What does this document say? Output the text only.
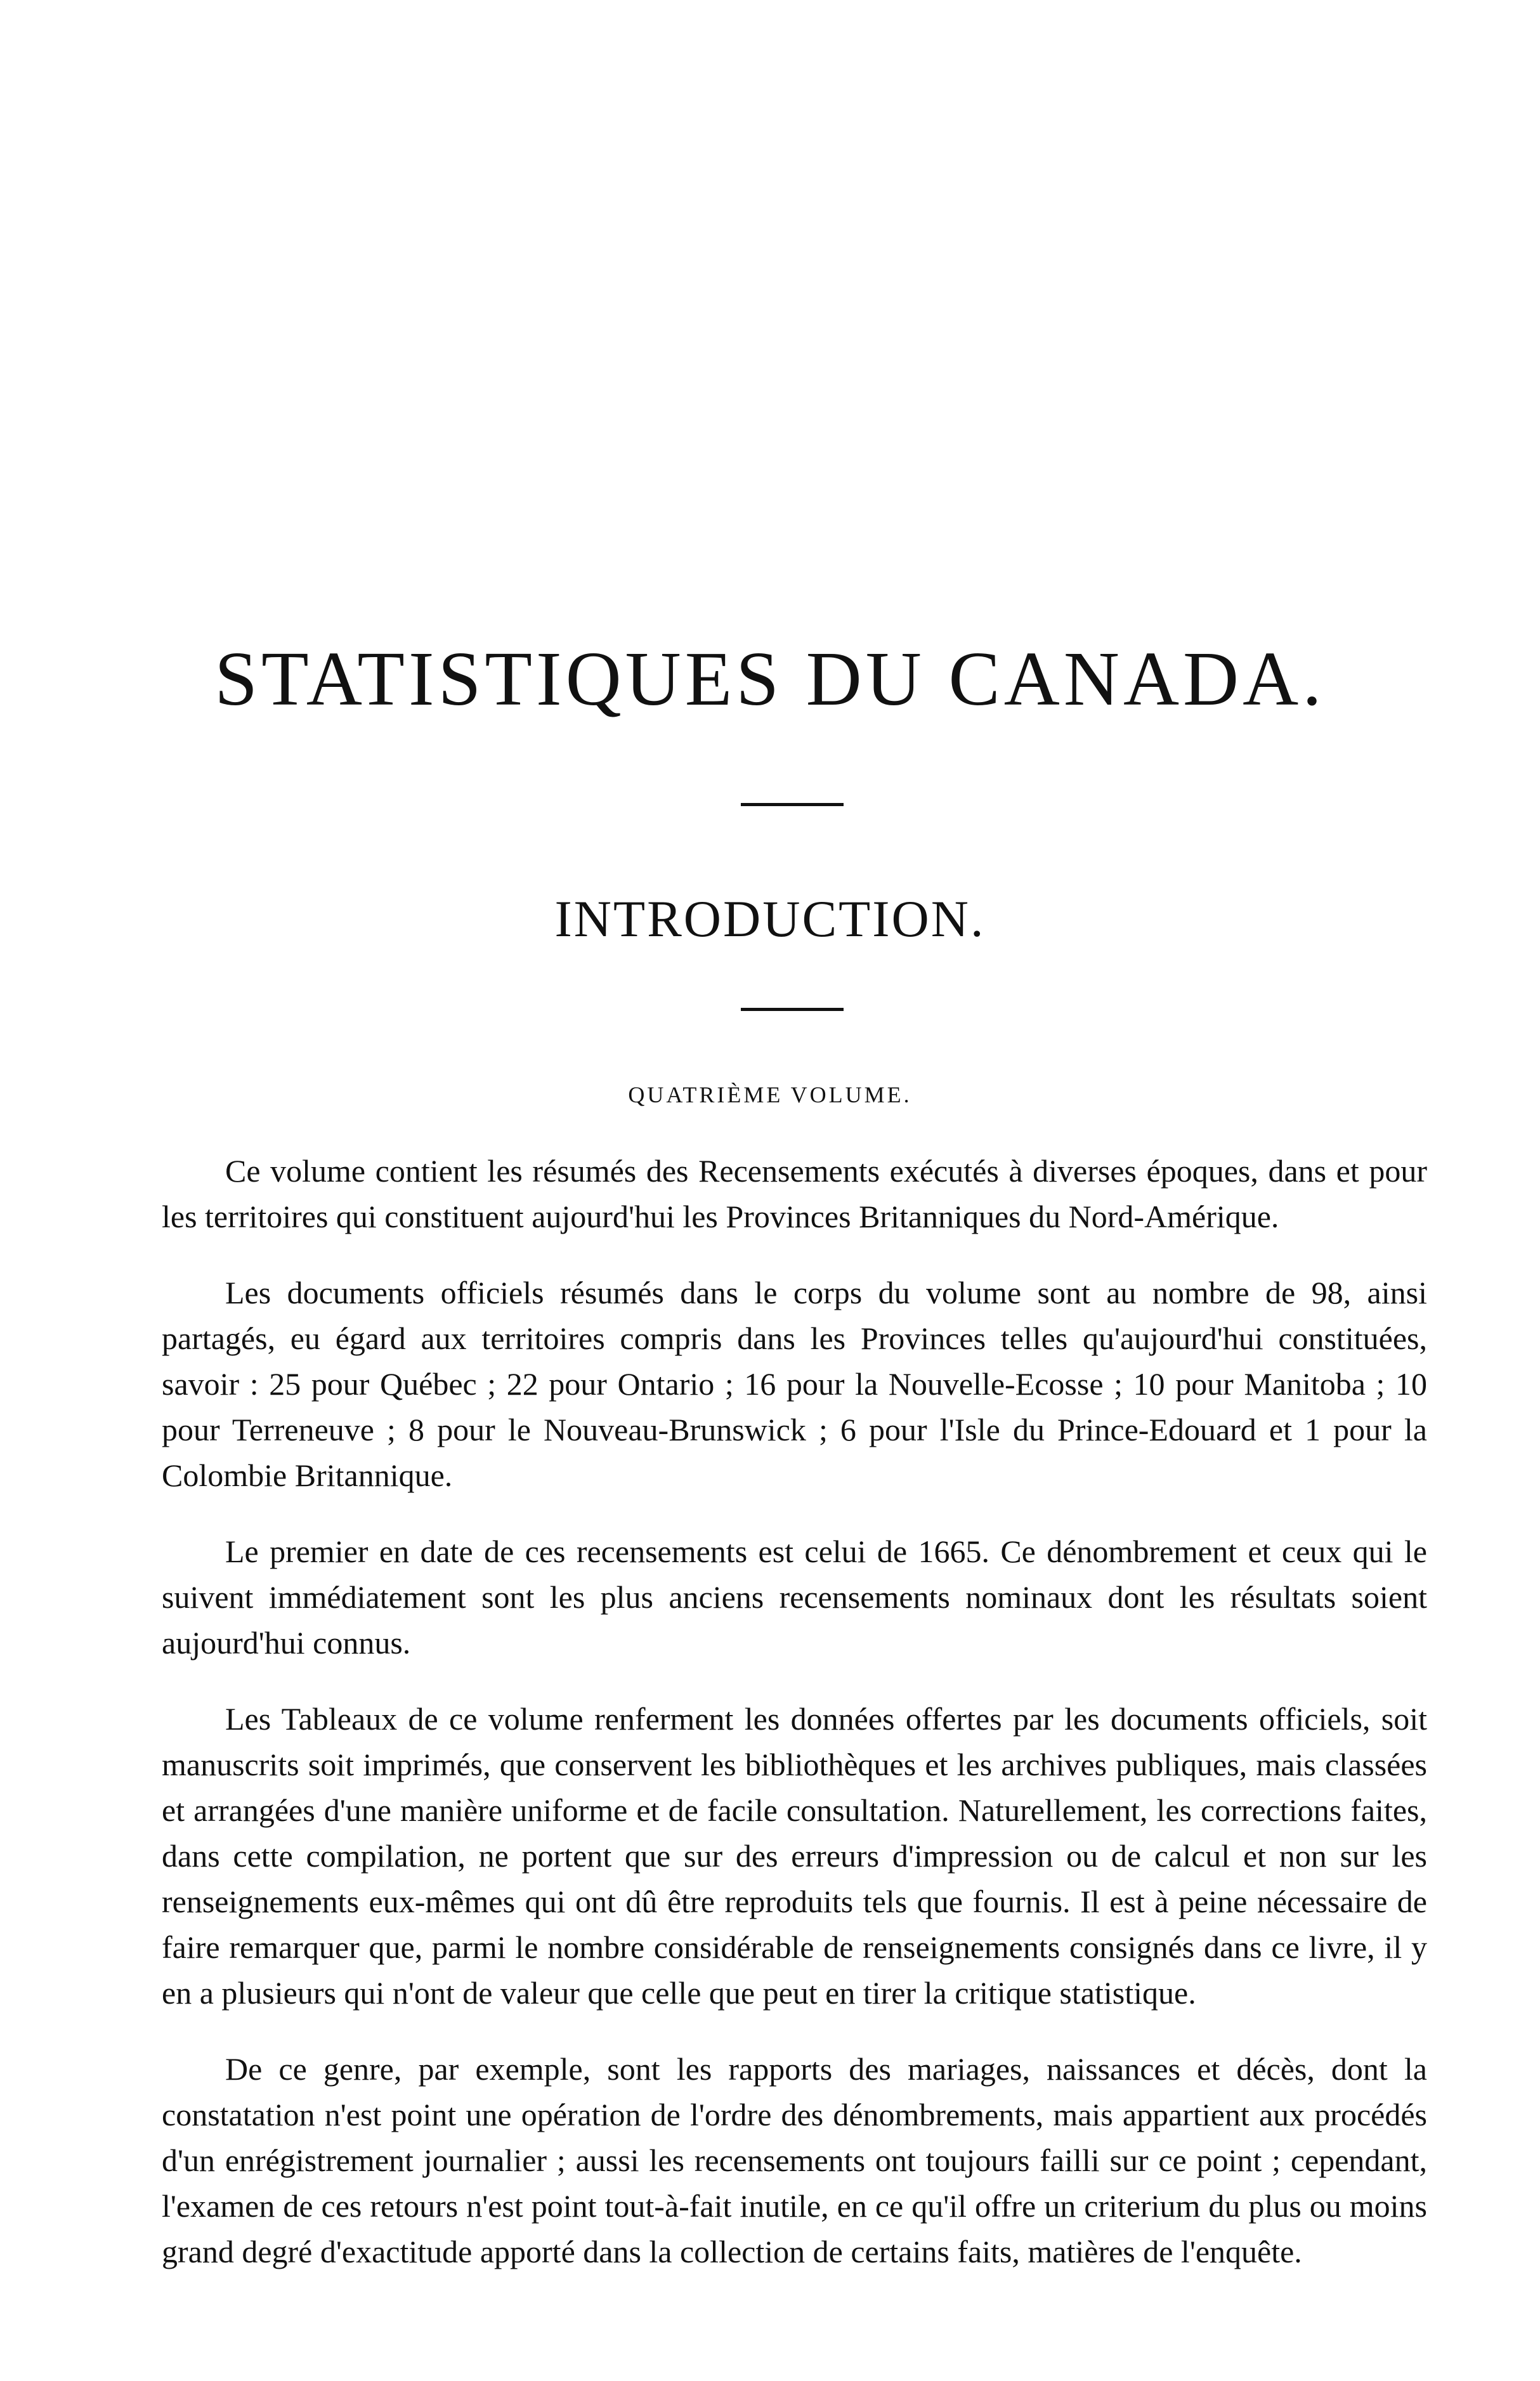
STATISTIQUES DU CANADA.
INTRODUCTION.
QUATRIÈME VOLUME.

Ce volume contient les résumés des Recensements exécutés à diverses époques, dans et pour les territoires qui constituent aujourd'hui les Provinces Britanniques du Nord-Amérique.

Les documents officiels résumés dans le corps du volume sont au nombre de 98, ainsi partagés, eu égard aux territoires compris dans les Provinces telles qu'aujourd'hui constituées, savoir : 25 pour Québec ; 22 pour Ontario ; 16 pour la Nouvelle-Ecosse ; 10 pour Manitoba ; 10 pour Terreneuve ; 8 pour le Nouveau-Brunswick ; 6 pour l'Isle du Prince-Edouard et 1 pour la Colombie Britannique.

Le premier en date de ces recensements est celui de 1665. Ce dénombrement et ceux qui le suivent immédiatement sont les plus anciens recensements nominaux dont les résultats soient aujourd'hui connus.

Les Tableaux de ce volume renferment les données offertes par les documents officiels, soit manuscrits soit imprimés, que conservent les bibliothèques et les archives publiques, mais classées et arrangées d'une manière uniforme et de facile consultation. Naturellement, les corrections faites, dans cette compilation, ne portent que sur des erreurs d'impression ou de calcul et non sur les renseignements eux-mêmes qui ont dû être reproduits tels que fournis. Il est à peine nécessaire de faire remarquer que, parmi le nombre considérable de renseignements consignés dans ce livre, il y en a plusieurs qui n'ont de valeur que celle que peut en tirer la critique statistique.

De ce genre, par exemple, sont les rapports des mariages, naissances et décès, dont la constatation n'est point une opération de l'ordre des dénombrements, mais appartient aux procédés d'un enrégistrement journalier ; aussi les recensements ont toujours failli sur ce point ; cependant, l'examen de ces retours n'est point tout-à-fait inutile, en ce qu'il offre un criterium du plus ou moins grand degré d'exactitude apporté dans la collection de certains faits, matières de l'enquête.
